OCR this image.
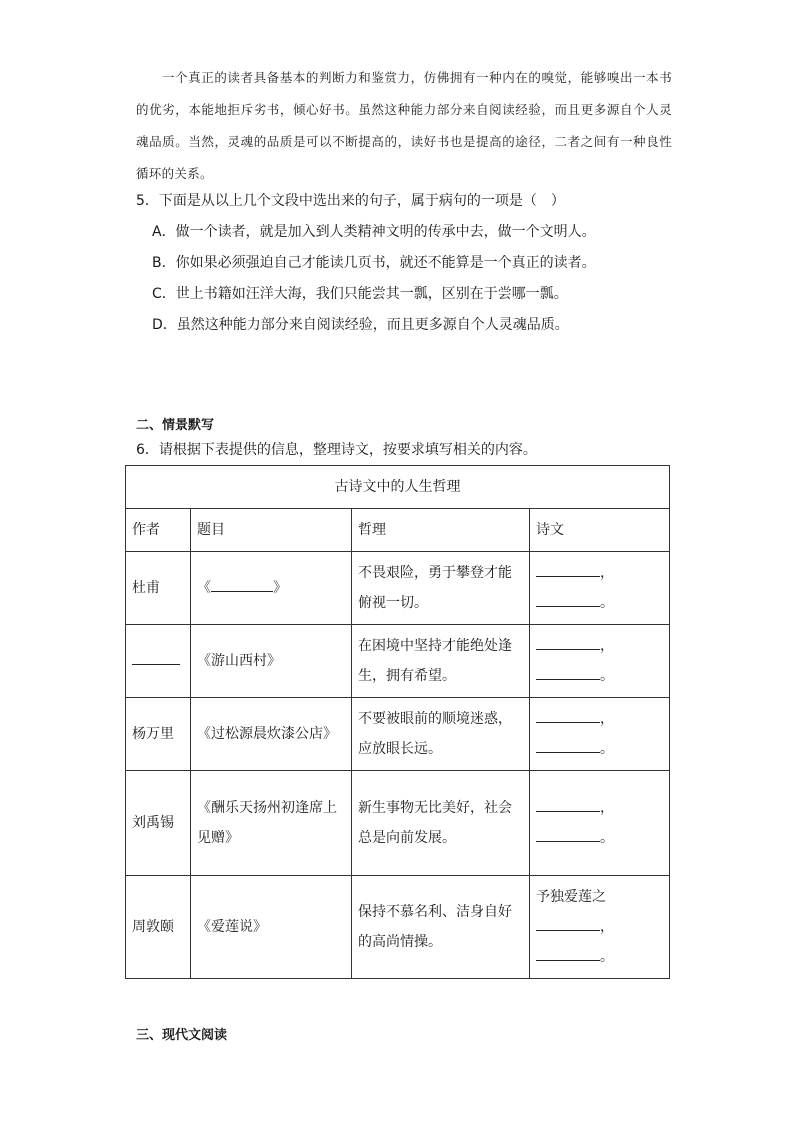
一个真正的读者具备基本的判断力和鉴赏力，仿佛拥有一种内在的嗅觉，能够嗅出一本书的优劣，本能地拒斥劣书，倾心好书。虽然这种能力部分来自阅读经验，而且更多源自个人灵魂品质。当然，灵魂的品质是可以不断提高的，读好书也是提高的途径，二者之间有一种良性循环的关系。
5．下面是从以上几个文段中选出来的句子，属于病句的一项是（　）
A．做一个读者，就是加入到人类精神文明的传承中去，做一个文明人。
B．你如果必须强迫自己才能读几页书，就还不能算是一个真正的读者。
C．世上书籍如汪洋大海，我们只能尝其一瓢，区别在于尝哪一瓢。
D．虽然这种能力部分来自阅读经验，而且更多源自个人灵魂品质。
二、情景默写
6．请根据下表提供的信息，整理诗文，按要求填写相关的内容。
古诗文中的人生哲理			
作者	题目	哲理	诗文
杜甫	《 》	不畏艰险，勇于攀登才能俯视一切。	，
。

	《游山西村》	在困境中坚持才能绝处逢生，拥有希望。	，
。

杨万里	《过松源晨炊漆公店》	不要被眼前的顺境迷惑，应放眼长远。	，
。

刘禹锡	《酬乐天扬州初逢席上见赠》	新生事物无比美好，社会总是向前发展。	，
。

周敦颐	《爱莲说》	保持不慕名利、洁身自好的高尚情操。	予独爱莲之
，
。
三、现代文阅读
